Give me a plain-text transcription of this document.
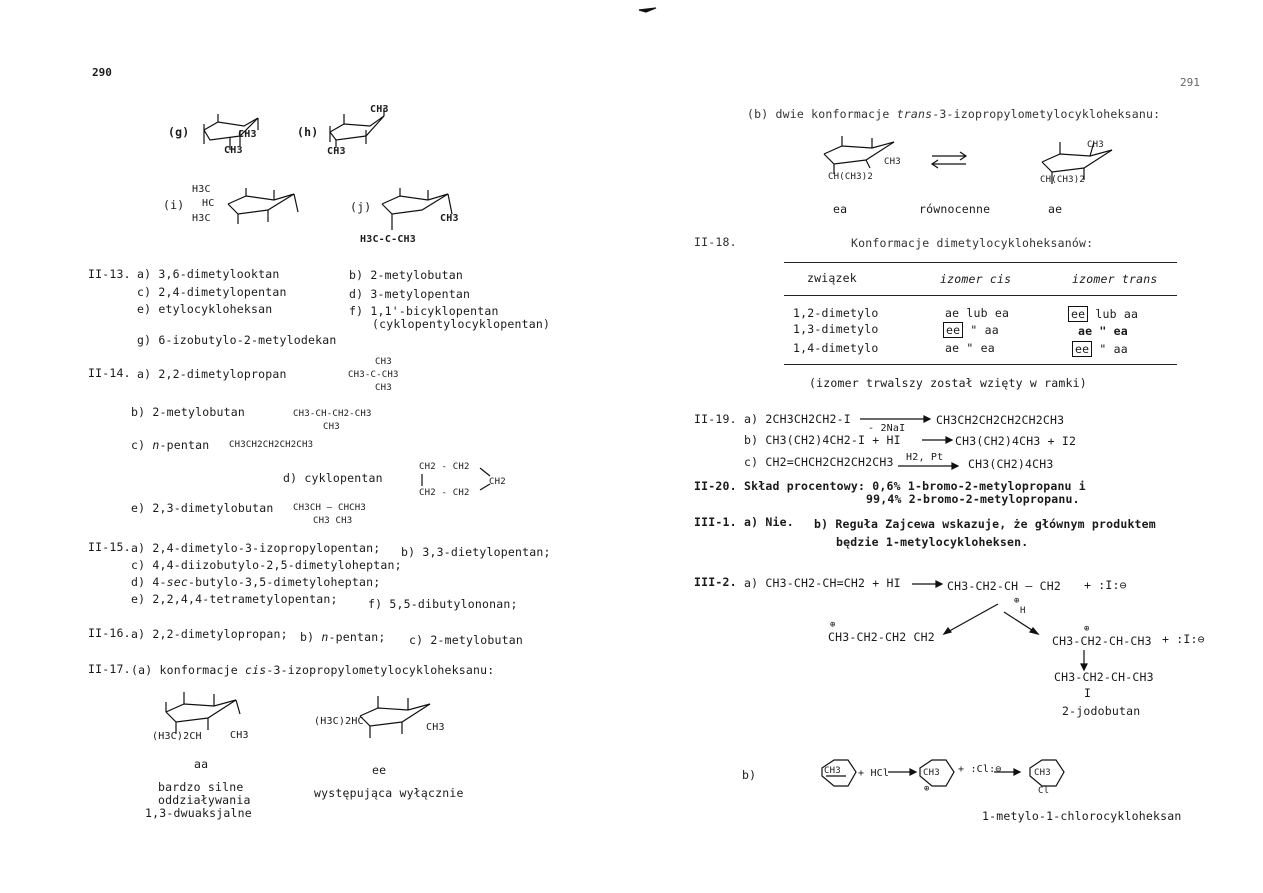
290
(g)	CH3
CH3
(h)
CH3
CH3
(i)
H3C
HC
H3C
(j)
CH3
H3C-C-CH3
II-13. a) 3,6-dimetylooktan	b) 2-metylobutan
c) 2,4-dimetylopentan	d) 3-metylopentan
e) etylocykloheksan	f) 1,1'-bicyklopentan
(cyklopentylocyklopentan)
g) 6-izobutylo-2-metylodekan
II-14. a) 2,2-dimetylopropan
CH3
CH3-C-CH3
CH3
b) 2-metylobutan	CH3-CH-CH2-CH3
CH3
c) n-pentan CH3CH2CH2CH2CH3
d) cyklopentan
CH2 - CH2
CH2
CH2 - CH2
e) 2,3-dimetylobutan CH3CH — CHCH3
CH3 CH3
II-15. a) 2,4-dimetylo-3-izopropylopentan; b) 3,3-dietylopentan;
c) 4,4-diizobutylo-2,5-dimetyloheptan;
d) 4-sec-butylo-3,5-dimetyloheptan;
e) 2,2,4,4-tetrametylopentan;	f) 5,5-dibutylononan;
II-16. a) 2,2-dimetylopropan; b) n-pentan; c) 2-metylobutan
II-17. (a) konformacje cis-3-izopropylometylocykloheksanu:
(H3C)2CH	CH3
(H3C)2HC
CH3
aa	ee
bardzo silne	występująca wyłącznie
oddziaływania
1,3-dwuaksjalne
291
(b) dwie konformacje trans-3-izopropylometylocykloheksanu:
CH3
CH(CH3)2
CH3
CH(CH3)2
ea	równocenne	ae
II-18.	Konformacje dimetylocykloheksanów:
związek	izomer cis	izomer trans
1,2-dimetylo	ae lub ea	ee lub aa
1,3-dimetylo	ee " aa	ae " ea
1,4-dimetylo	ae " ea	ee " aa
(izomer trwalszy został wzięty w ramki)
II-19. a) 2CH3CH2CH2-I
- 2NaI
CH3CH2CH2CH2CH2CH3
b) CH3(CH2)4CH2-I + HI	CH3(CH2)4CH3 + I2
c) CH2=CHCH2CH2CH2CH3 H2, Pt CH3(CH2)4CH3
II-20. Skład procentowy: 0,6% 1-bromo-2-metylopropanu i
99,4% 2-bromo-2-metylopropanu.
III-1. a) Nie. b) Reguła Zajcewa wskazuje, że głównym produktem
będzie 1-metylocykloheksen.
III-2. a) CH3-CH2-CH=CH2 + HI	CH3-CH2-CH — CH2
⊕
H
+ :I:⊖
⊕
CH3-CH2-CH2 CH2
⊕
CH3-CH2-CH-CH3 + :I:⊖
CH3-CH2-CH-CH3
I
2-jodobutan
b)	CH3 + HCl	CH3
⊕
+ :Cl:⊖	CH3
Cl
1-metylo-1-chlorocykloheksan
